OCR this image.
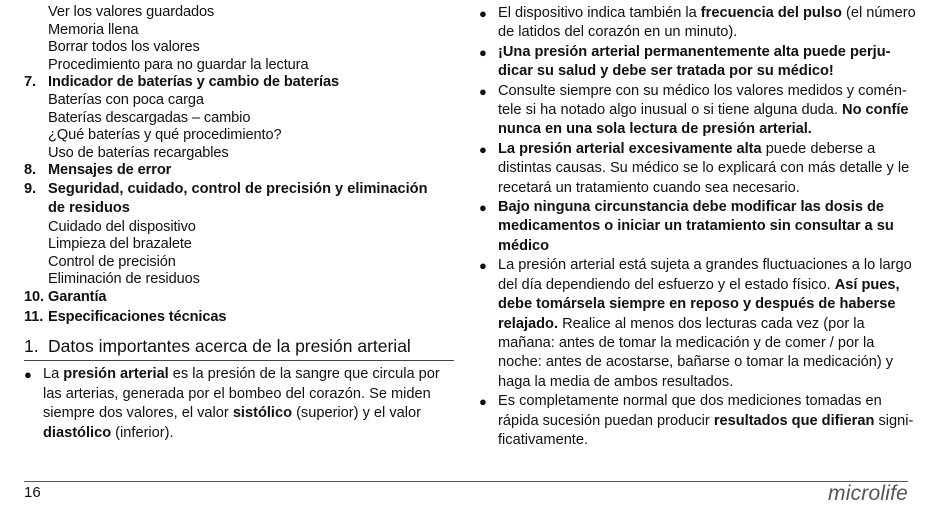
Ver los valores guardados
Memoria llena
Borrar todos los valores
Procedimiento para no guardar la lectura
7. Indicador de baterías y cambio de baterías
Baterías con poca carga
Baterías descargadas – cambio
¿Qué baterías y qué procedimiento?
Uso de baterías recargables
8. Mensajes de error
9. Seguridad, cuidado, control de precisión y eliminación de residuos
Cuidado del dispositivo
Limpieza del brazalete
Control de precisión
Eliminación de residuos
10. Garantía
11. Especificaciones técnicas
1. Datos importantes acerca de la presión arterial
● La presión arterial es la presión de la sangre que circula por las arterias, generada por el bombeo del corazón. Se miden siempre dos valores, el valor sistólico (superior) y el valor diastólico (inferior).
● El dispositivo indica también la frecuencia del pulso (el número de latidos del corazón en un minuto).
● ¡Una presión arterial permanentemente alta puede perju-dicar su salud y debe ser tratada por su médico!
● Consulte siempre con su médico los valores medidos y comén-tele si ha notado algo inusual o si tiene alguna duda. No confíe nunca en una sola lectura de presión arterial.
● La presión arterial excesivamente alta puede deberse a distintas causas. Su médico se lo explicará con más detalle y le recetará un tratamiento cuando sea necesario.
● Bajo ninguna circunstancia debe modificar las dosis de medicamentos o iniciar un tratamiento sin consultar a su médico
● La presión arterial está sujeta a grandes fluctuaciones a lo largo del día dependiendo del esfuerzo y el estado físico. Así pues, debe tomársela siempre en reposo y después de haberse relajado. Realice al menos dos lecturas cada vez (por la mañana: antes de tomar la medicación y de comer / por la noche: antes de acostarse, bañarse o tomar la medicación) y haga la media de ambos resultados.
● Es completamente normal que dos mediciones tomadas en rápida sucesión puedan producir resultados que difieran signi-ficativamente.
16	microlife
